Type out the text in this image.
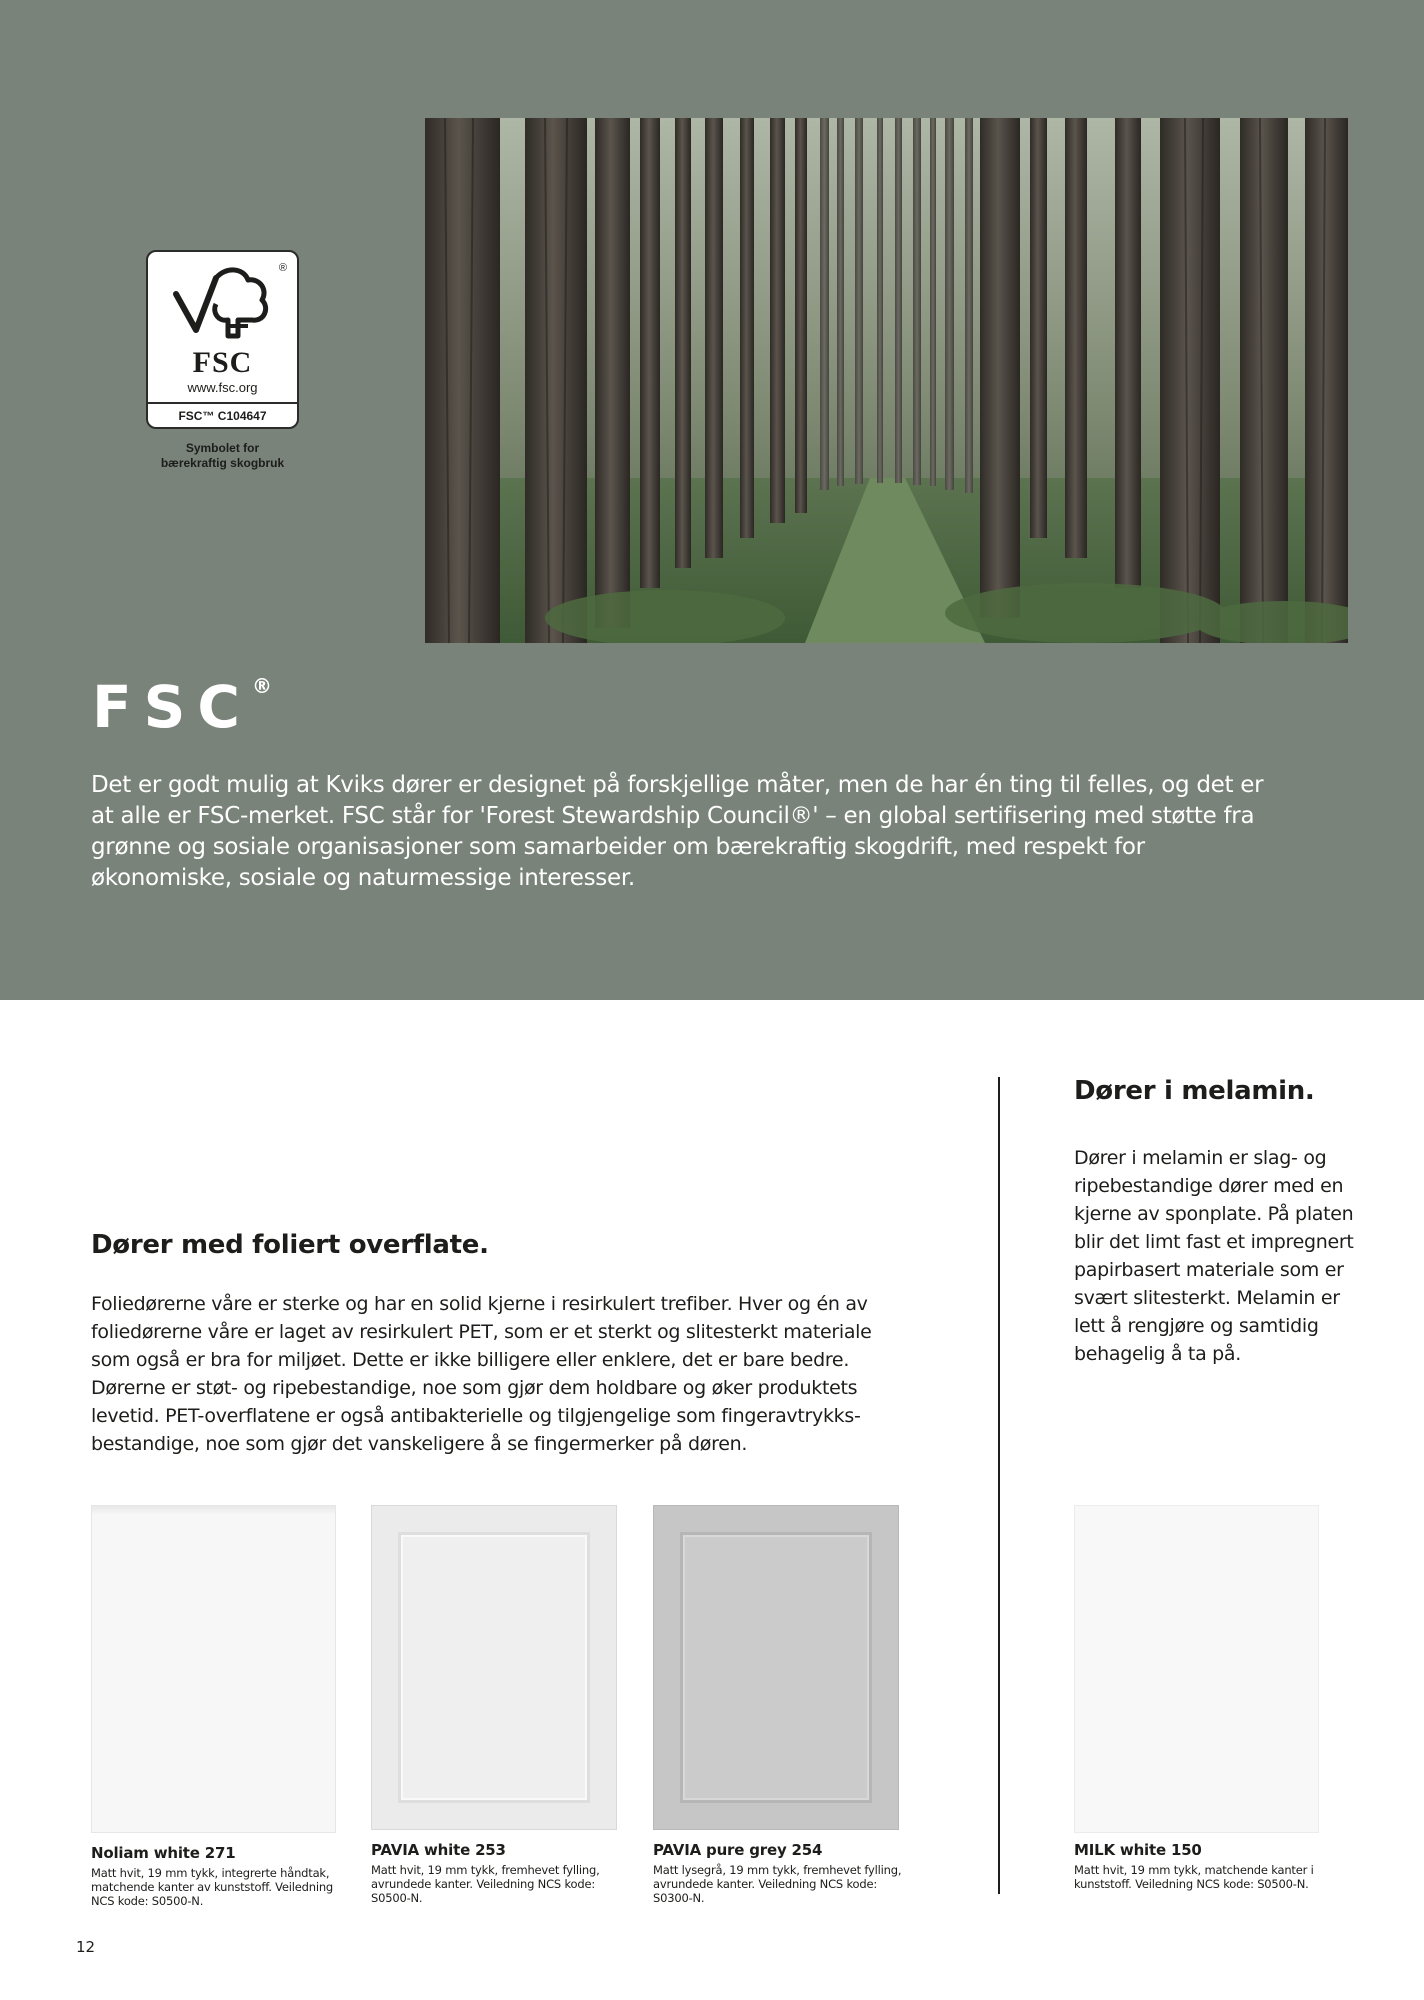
®
FSC
www.fsc.org
FSC™ C104647
Symbolet for
bærekraftig skogbruk
FSC®

Det er godt mulig at Kviks dører er designet på forskjellige måter, men de har én ting til felles, og det er at alle er FSC-merket. FSC står for 'Forest Stewardship Council®' – en global sertifisering med støtte fra grønne og sosiale organisasjoner som samarbeider om bærekraftig skogdrift, med respekt for økonomiske, sosiale og naturmessige interesser.

Dører med foliert overflate.

Foliedørerne våre er sterke og har en solid kjerne i resirkulert trefiber. Hver og én av foliedørerne våre er laget av resirkulert PET, som er et sterkt og slitesterkt materiale som også er bra for miljøet. Dette er ikke billigere eller enklere, det er bare bedre. Dørerne er støt- og ripebestandige, noe som gjør dem holdbare og øker produktets levetid. PET-overflatene er også antibakterielle og tilgjengelige som fingeravtrykks-bestandige, noe som gjør det vanskeligere å se fingermerker på døren.

Dører i melamin.

Dører i melamin er slag- og ripebestandige dører med en kjerne av sponplate. På platen blir det limt fast et impregnert papirbasert materiale som er svært slitesterkt. Melamin er lett å rengjøre og samtidig behagelig å ta på.

Noliam white 271
Matt hvit, 19 mm tykk, integrerte håndtak, matchende kanter av kunststoff. Veiledning NCS kode: S0500-N.
PAVIA white 253
Matt hvit, 19 mm tykk, fremhevet fylling, avrundede kanter. Veiledning NCS kode: S0500-N.
PAVIA pure grey 254
Matt lysegrå, 19 mm tykk, fremhevet fylling, avrundede kanter. Veiledning NCS kode: S0300-N.
MILK white 150
Matt hvit, 19 mm tykk, matchende kanter i kunststoff. Veiledning NCS kode: S0500-N.
12
